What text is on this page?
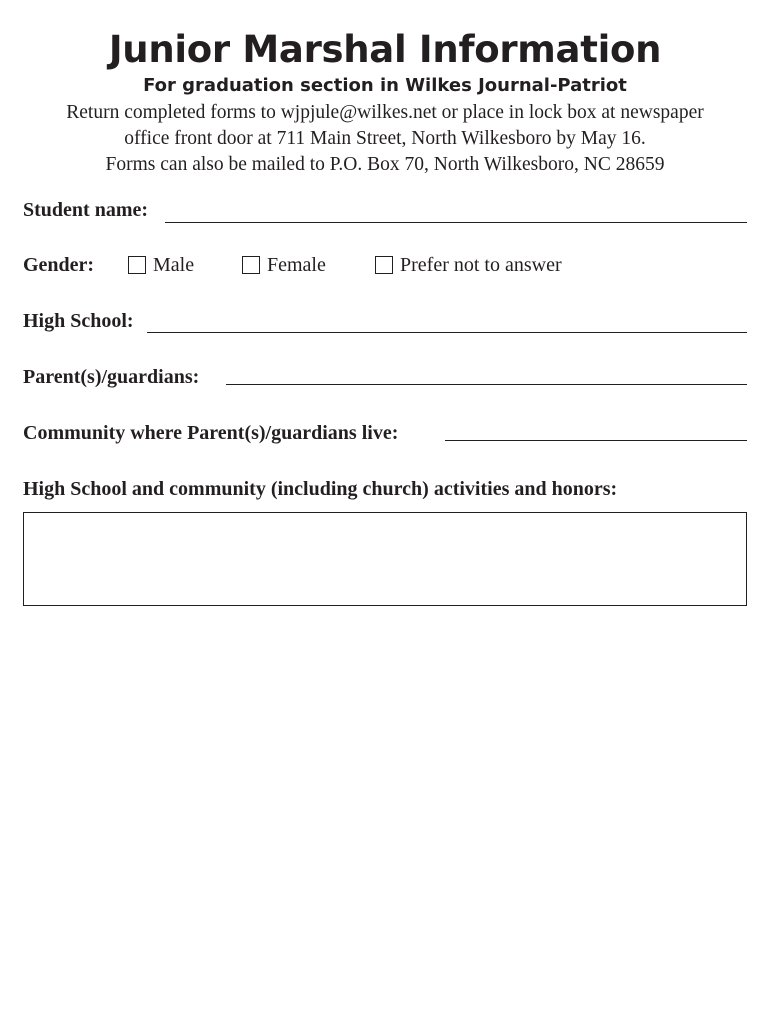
Junior Marshal Information
For graduation section in Wilkes Journal-Patriot
Return completed forms to wjpjule@wilkes.net or place in lock box at newspaper
office front door at 711 Main Street, North Wilkesboro by May 16.
Forms can also be mailed to P.O. Box 70, North Wilkesboro, NC 28659
Student name:
Gender:	Male	Female	Prefer not to answer
High School:
Parent(s)/guardians:
Community where Parent(s)/guardians live:
High School and community (including church) activities and honors:
